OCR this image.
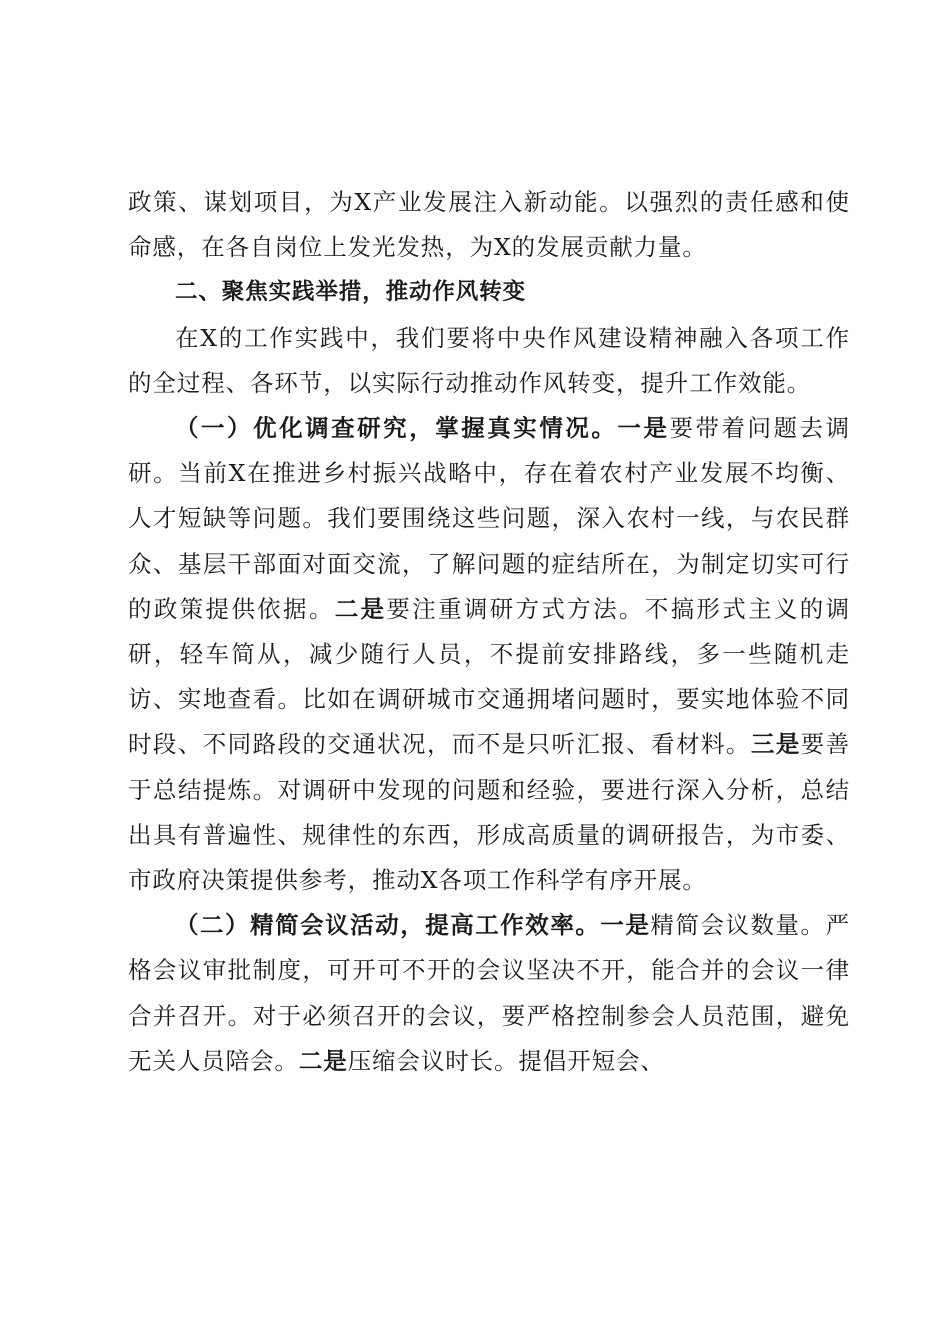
政策、谋划项目，为X产业发展注入新动能。以强烈的责任感和使命感，在各自岗位上发光发热，为X的发展贡献力量。

二、聚焦实践举措，推动作风转变

在X的工作实践中，我们要将中央作风建设精神融入各项工作的全过程、各环节，以实际行动推动作风转变，提升工作效能。

（一）优化调查研究，掌握真实情况。一是要带着问题去调研。当前X在推进乡村振兴战略中，存在着农村产业发展不均衡、人才短缺等问题。我们要围绕这些问题，深入农村一线，与农民群众、基层干部面对面交流，了解问题的症结所在，为制定切实可行的政策提供依据。二是要注重调研方式方法。不搞形式主义的调研，轻车简从，减少随行人员，不提前安排路线，多一些随机走访、实地查看。比如在调研城市交通拥堵问题时，要实地体验不同时段、不同路段的交通状况，而不是只听汇报、看材料。三是要善于总结提炼。对调研中发现的问题和经验，要进行深入分析，总结出具有普遍性、规律性的东西，形成高质量的调研报告，为市委、市政府决策提供参考，推动X各项工作科学有序开展。

（二）精简会议活动，提高工作效率。一是精简会议数量。严格会议审批制度，可开可不开的会议坚决不开，能合并的会议一律合并召开。对于必须召开的会议，要严格控制参会人员范围，避免无关人员陪会。二是压缩会议时长。提倡开短会、
